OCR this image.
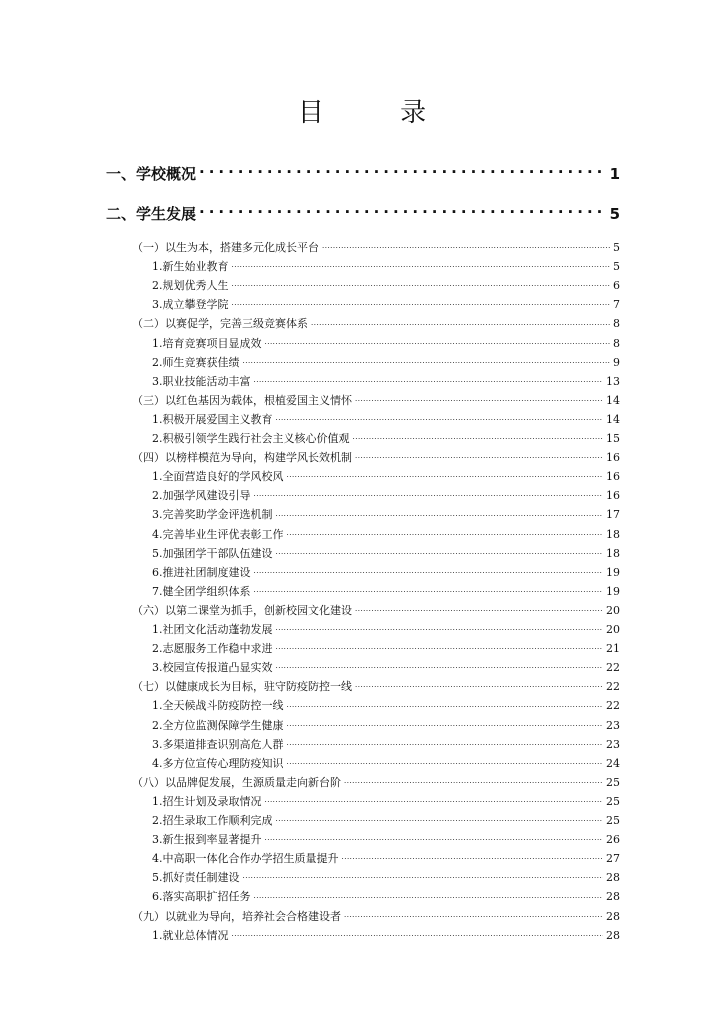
目 录
一、学校概况 .....	1
二、学生发展 .....	5
（一）以生为本，搭建多元化成长平台 .....	5
1.新生始业教育 .....	5
2.规划优秀人生 .....	6
3.成立攀登学院 .....	7
（二）以赛促学，完善三级竞赛体系 .....	8
1.培育竞赛项目显成效 .....	8
2.师生竞赛获佳绩 .....	9
3.职业技能活动丰富 .....	13
（三）以红色基因为载体，根植爱国主义情怀 .....	14
1.积极开展爱国主义教育 .....	14
2.积极引领学生践行社会主义核心价值观 .....	15
（四）以榜样模范为导向，构建学风长效机制 .....	16
1.全面营造良好的学风校风 .....	16
2.加强学风建设引导 .....	16
3.完善奖助学金评选机制 .....	17
4.完善毕业生评优表彰工作 .....	18
5.加强团学干部队伍建设 .....	18
6.推进社团制度建设 .....	19
7.健全团学组织体系 .....	19
（六）以第二课堂为抓手，创新校园文化建设 .....	20
1.社团文化活动蓬勃发展 .....	20
2.志愿服务工作稳中求进 .....	21
3.校园宣传报道凸显实效 .....	22
（七）以健康成长为目标，驻守防疫防控一线 .....	22
1.全天候战斗防疫防控一线 .....	22
2.全方位监测保障学生健康 .....	23
3.多渠道排查识别高危人群 .....	23
4.多方位宣传心理防疫知识 .....	24
（八）以品牌促发展，生源质量走向新台阶 .....	25
1.招生计划及录取情况 .....	25
2.招生录取工作顺利完成 .....	25
3.新生报到率显著提升 .....	26
4.中高职一体化合作办学招生质量提升 .....	27
5.抓好责任制建设 .....	28
6.落实高职扩招任务 .....	28
（九）以就业为导向，培养社会合格建设者 .....	28
1.就业总体情况 .....	28
